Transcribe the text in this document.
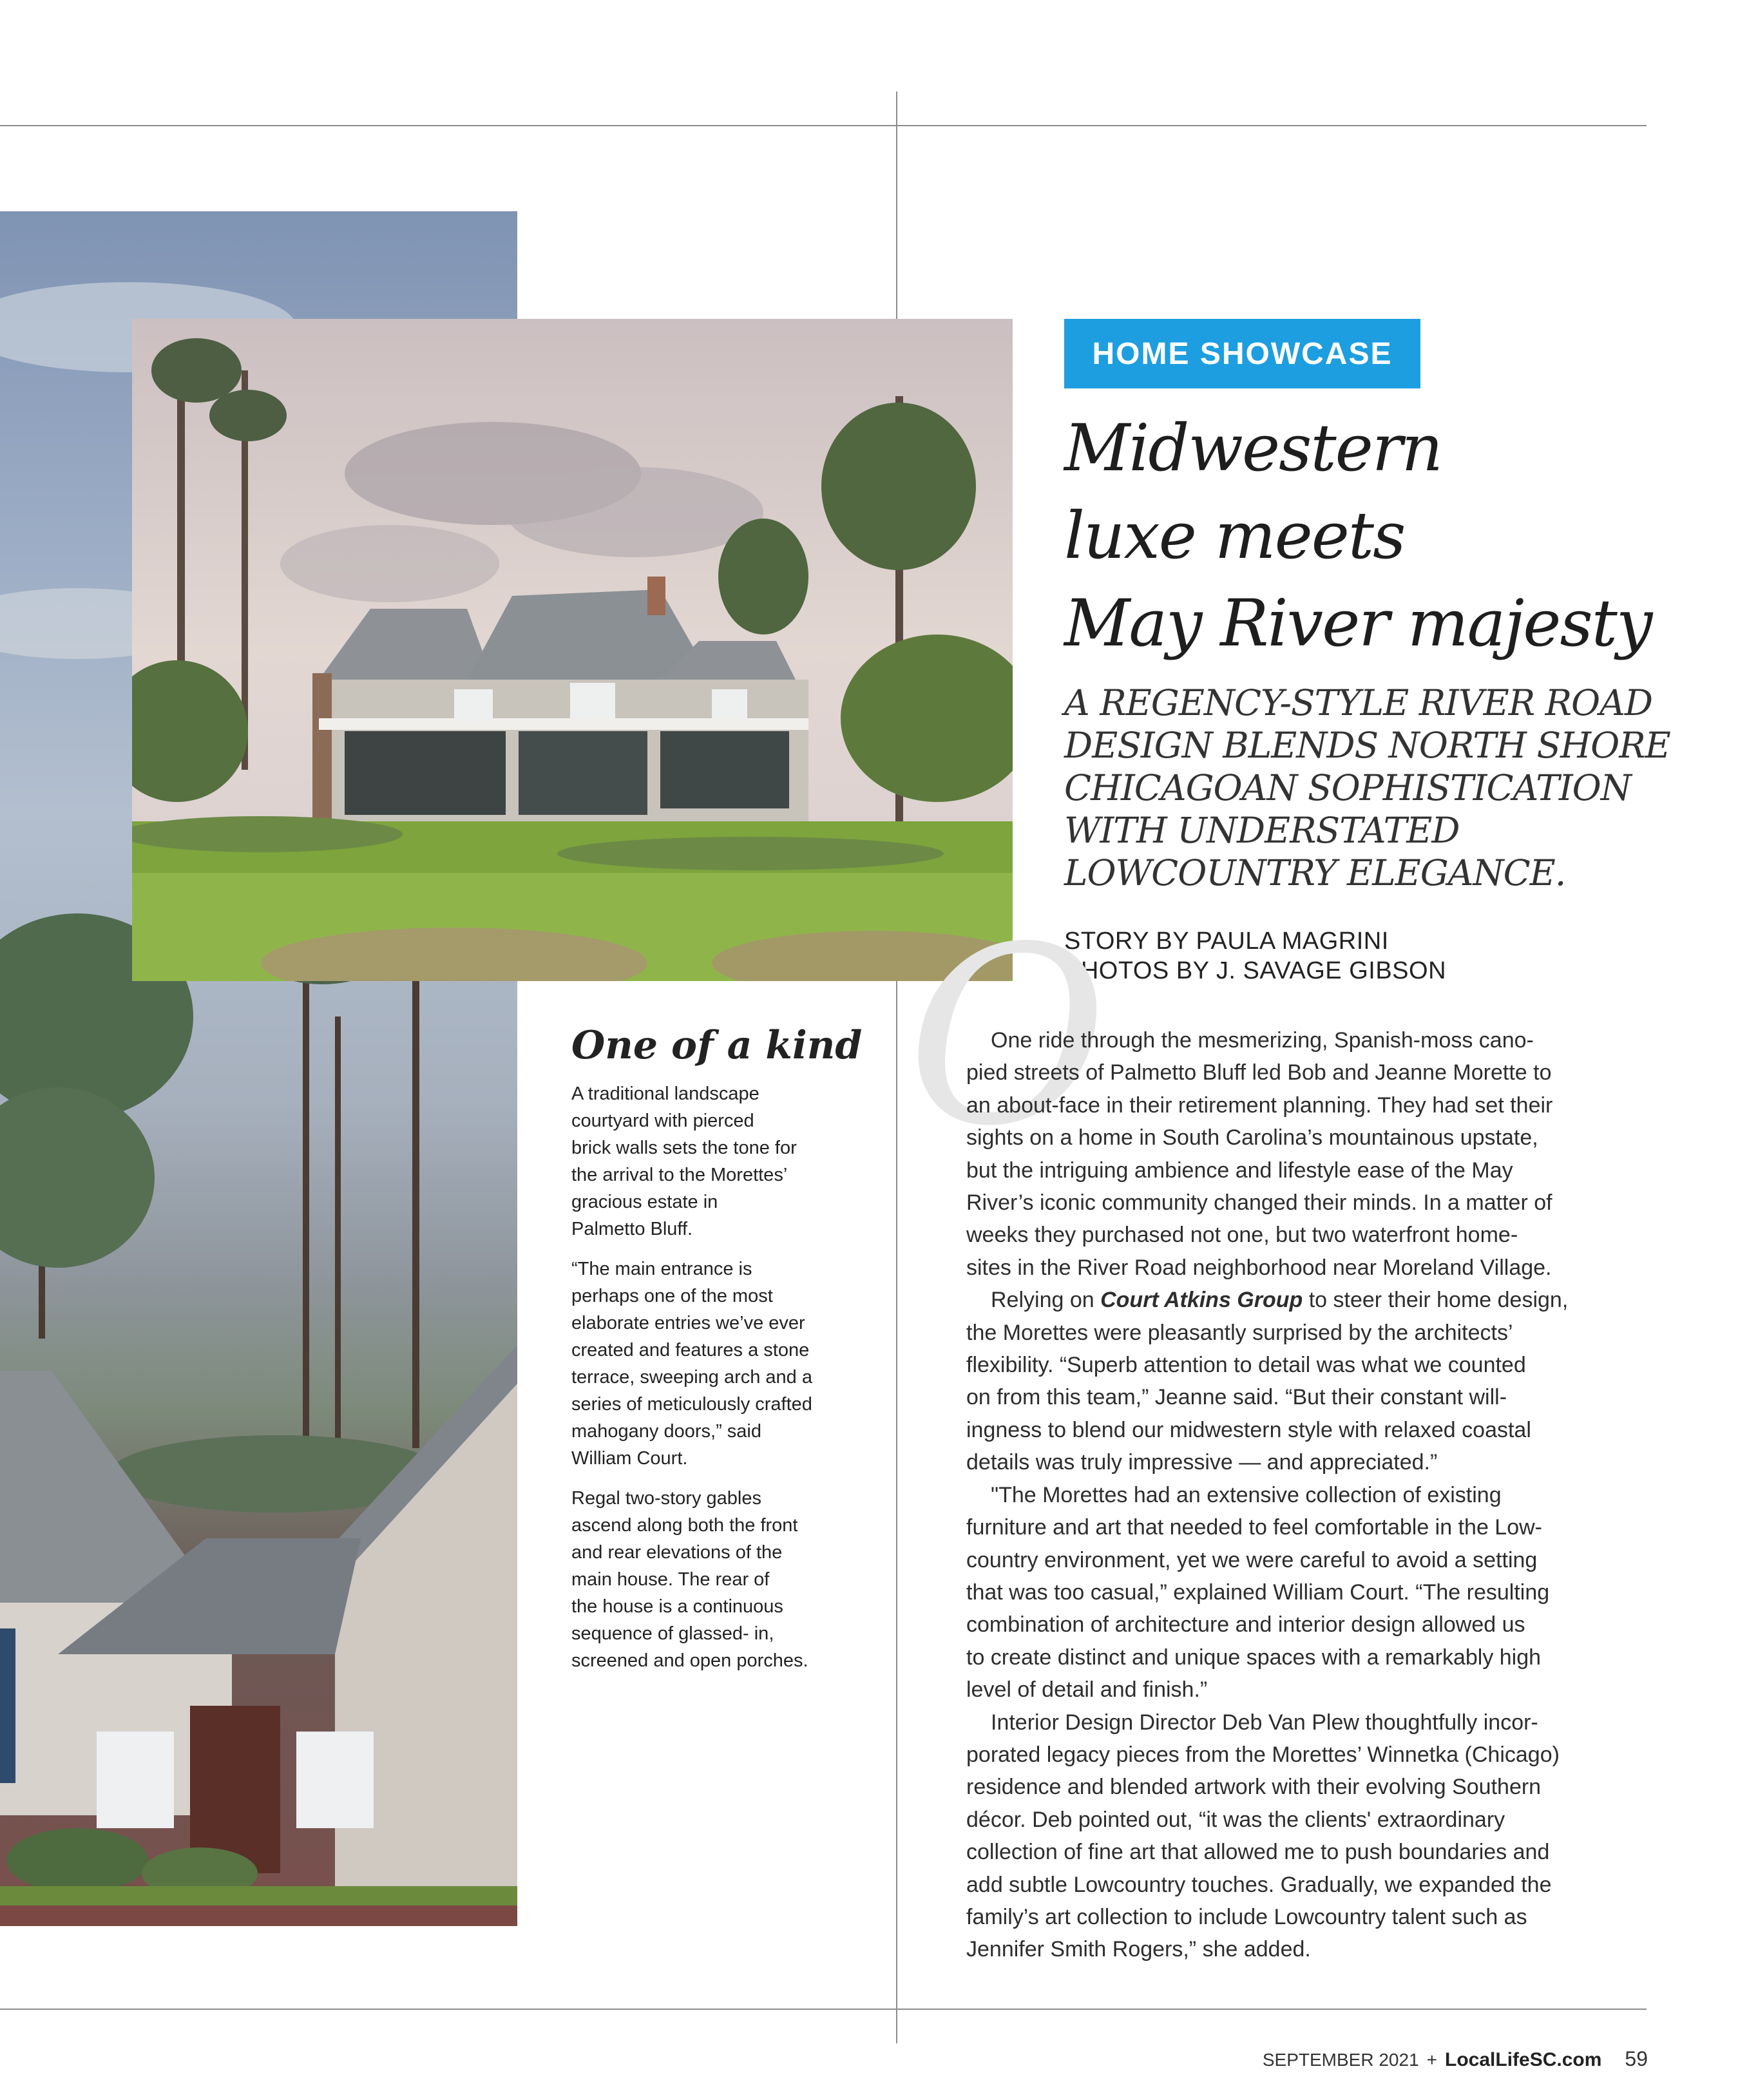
HOME SHOWCASE
Midwestern
luxe meets
May River majesty

A REGENCY-STYLE RIVER ROAD
DESIGN BLENDS NORTH SHORE
CHICAGOAN SOPHISTICATION
WITH UNDERSTATED
LOWCOUNTRY ELEGANCE.

STORY BY PAULA MAGRINI
PHOTOS BY J. SAVAGE GIBSON
O
One of a kind

A traditional landscape
courtyard with pierced
brick walls sets the tone for
the arrival to the Morettes’
gracious estate in
Palmetto Bluff.

“The main entrance is
perhaps one of the most
elaborate entries we’ve ever
created and features a stone
terrace, sweeping arch and a
series of meticulously crafted
mahogany doors,” said
William Court.

Regal two-story gables
ascend along both the front
and rear elevations of the
main house. The rear of
the house is a continuous
sequence of glassed- in,
screened and open porches.

One ride through the mesmerizing, Spanish-moss cano-
pied streets of Palmetto Bluff led Bob and Jeanne Morette to
an about-face in their retirement planning. They had set their
sights on a home in South Carolina’s mountainous upstate,
but the intriguing ambience and lifestyle ease of the May
River’s iconic community changed their minds. In a matter of
weeks they purchased not one, but two waterfront home-
sites in the River Road neighborhood near Moreland Village.

Relying on Court Atkins Group to steer their home design,
the Morettes were pleasantly surprised by the architects’
flexibility. “Superb attention to detail was what we counted
on from this team,” Jeanne said. “But their constant will-
ingness to blend our midwestern style with relaxed coastal
details was truly impressive — and appreciated.”

"The Morettes had an extensive collection of existing
furniture and art that needed to feel comfortable in the Low-
country environment, yet we were careful to avoid a setting
that was too casual,” explained William Court. “The resulting
combination of architecture and interior design allowed us
to create distinct and unique spaces with a remarkably high
level of detail and finish.”

Interior Design Director Deb Van Plew thoughtfully incor-
porated legacy pieces from the Morettes’ Winnetka (Chicago)
residence and blended artwork with their evolving Southern
décor. Deb pointed out, “it was the clients' extraordinary
collection of fine art that allowed me to push boundaries and
add subtle Lowcountry touches. Gradually, we expanded the
family’s art collection to include Lowcountry talent such as
Jennifer Smith Rogers,” she added.

SEPTEMBER 2021 + LocalLifeSC.com 59
